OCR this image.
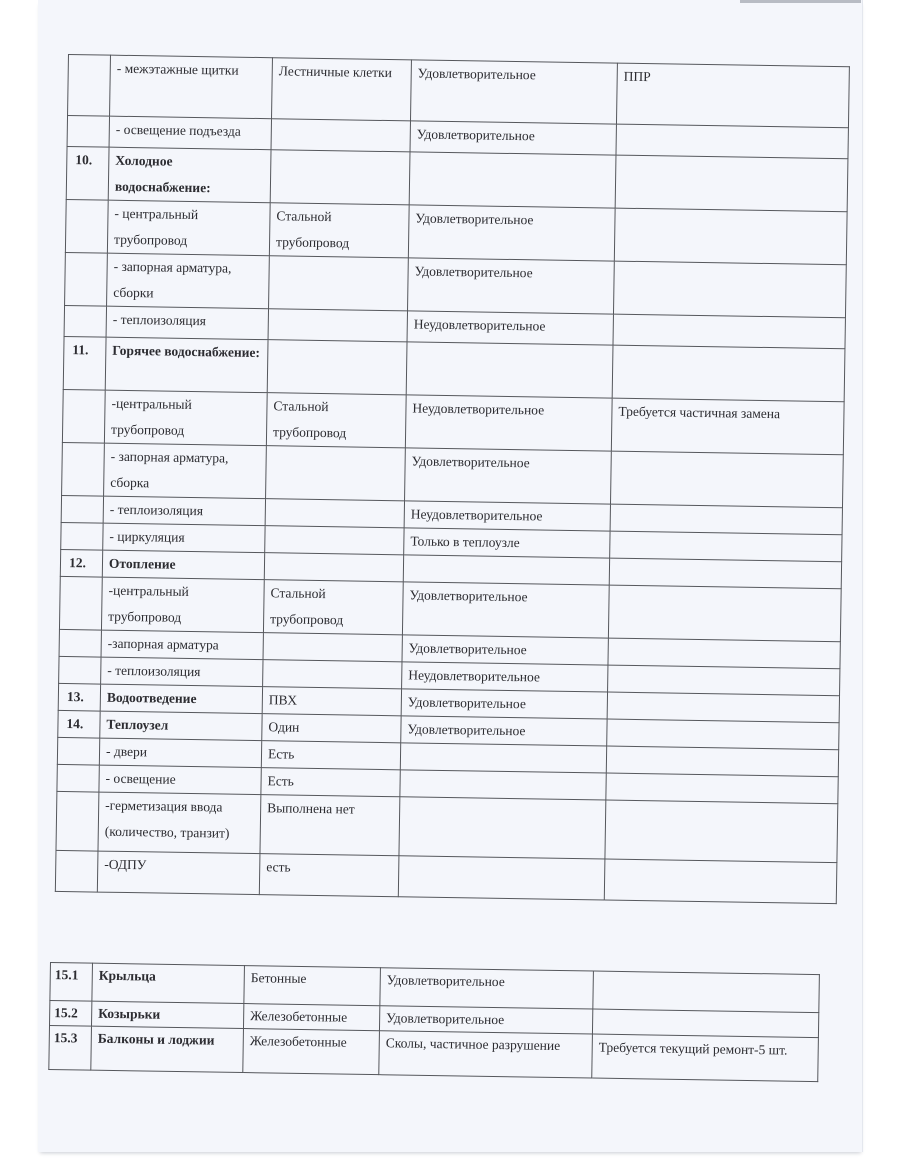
	- межэтажные щитки	Лестничные клетки	Удовлетворительное	ППР
	- освещение подъезда		Удовлетворительное	
10.	Холодное водоснабжение:			
	- центральный трубопровод	Стальной трубопровод	Удовлетворительное	
	- запорная арматура, сборки		Удовлетворительное	
	- теплоизоляция		Неудовлетворительное	
11.	Горячее водоснабжение:			
	-центральный трубопровод	Стальной трубопровод	Неудовлетворительное	Требуется частичная замена
	- запорная арматура, сборка		Удовлетворительное	
	- теплоизоляция		Неудовлетворительное	
	- циркуляция		Только в теплоузле	
12.	Отопление			
	-центральный трубопровод	Стальной трубопровод	Удовлетворительное	
	-запорная арматура		Удовлетворительное	
	- теплоизоляция		Неудовлетворительное	
13.	Водоотведение	ПВХ	Удовлетворительное	
14.	Теплоузел	Один	Удовлетворительное	
	- двери	Есть		
	- освещение	Есть		
	-герметизация ввода (количество, транзит)	Выполнена нет		
	-ОДПУ	есть		
15.1	Крыльца	Бетонные	Удовлетворительное	
15.2	Козырьки	Железобетонные	Удовлетворительное	
15.3	Балконы и лоджии	Железобетонные	Сколы, частичное разрушение	Требуется текущий ремонт-5 шт.
